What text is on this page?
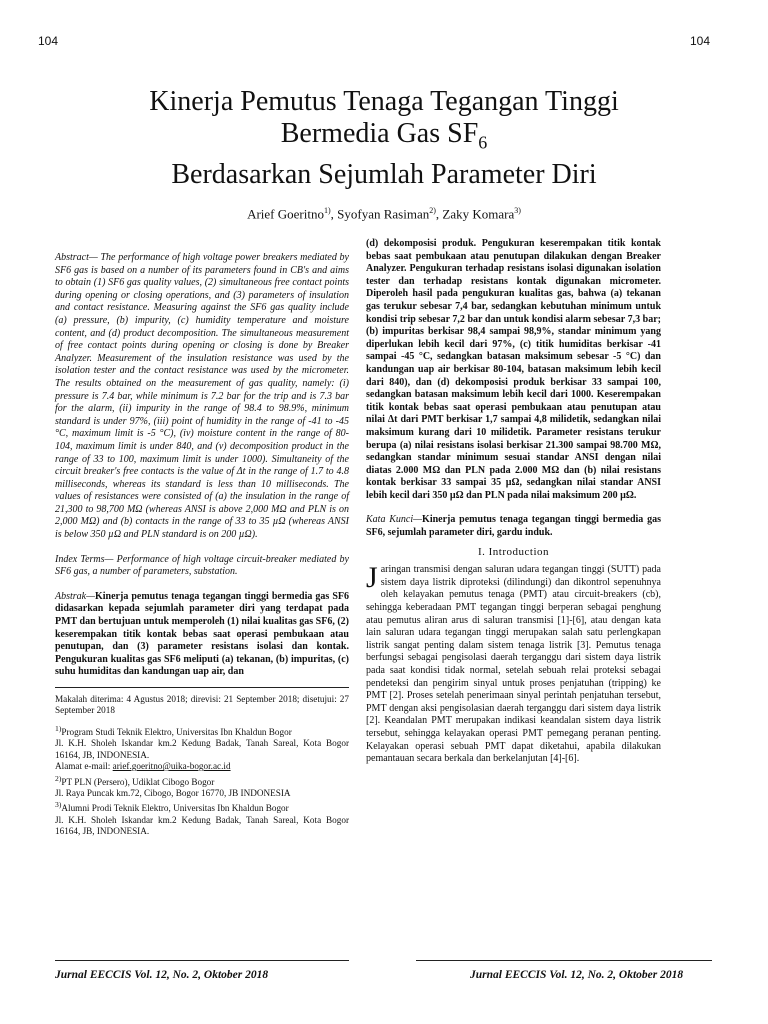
104	104
Kinerja Pemutus Tenaga Tegangan Tinggi
Bermedia Gas $SF_6$
Berdasarkan Sejumlah Parameter Diri
Arief Goeritno$^{1)}$, Syofyan Rasiman$^{2)}$, Zaky Komara$^{3)}$

Abstract— The performance of high voltage power breakers mediated by SF6 gas is based on a number of its parameters found in CB's and aims to obtain (1) SF6 gas quality values, (2) simultaneous free contact points during opening or closing operations, and (3) parameters of insulation and contact resistance. Measuring against the SF6 gas quality include (a) pressure, (b) impurity, (c) humidity temperature and moisture content, and (d) product decomposition. The simultaneous measurement of free contact points during opening or closing is done by Breaker Analyzer. Measurement of the insulation resistance was used by the isolation tester and the contact resistance was used by the micrometer. The results obtained on the measurement of gas quality, namely: (i) pressure is 7.4 bar, while minimum is 7.2 bar for the trip and is 7.3 bar for the alarm, (ii) impurity in the range of 98.4 to 98.9%, minimum standard is under 97%, (iii) point of humidity in the range of -41 to -45 °C, maximum limit is -5 °C), (iv) moisture content in the range of 80-104, maximum limit is under 840, and (v) decomposition product in the range of 33 to 100, maximum limit is under 1000). Simultaneity of the circuit breaker's free contacts is the value of Δt in the range of 1.7 to 4.8 milliseconds, whereas its standard is less than 10 milliseconds. The values of resistances were consisted of (a) the insulation in the range of 21,300 to 98,700 MΩ (whereas ANSI is above 2,000 MΩ and PLN is on 2,000 MΩ) and (b) contacts in the range of 33 to 35 µΩ (whereas ANSI is below 350 µΩ and PLN standard is on 200 µΩ).

Index Terms— Performance of high voltage circuit-breaker mediated by SF6 gas, a number of parameters, substation.

Abstrak—Kinerja pemutus tenaga tegangan tinggi bermedia gas SF6 didasarkan kepada sejumlah parameter diri yang terdapat pada PMT dan bertujuan untuk memperoleh (1) nilai kualitas gas SF6, (2) keserempakan titik kontak bebas saat operasi pembukaan atau penutupan, dan (3) parameter resistans isolasi dan kontak. Pengukuran kualitas gas SF6 meliputi (a) tekanan, (b) impuritas, (c) suhu humiditas dan kandungan uap air, dan

Makalah diterima: 4 Agustus 2018; direvisi: 21 September 2018; disetujui: 27 September 2018

$^{1)}$Program Studi Teknik Elektro, Universitas Ibn Khaldun Bogor
Jl. K.H. Sholeh Iskandar km.2 Kedung Badak, Tanah Sareal, Kota Bogor 16164, JB, INDONESIA.
Alamat e-mail: arief.goeritno@uika-bogor.ac.id
$^{2)}$PT PLN (Persero), Udiklat Cibogo Bogor
Jl. Raya Puncak km.72, Cibogo, Bogor 16770, JB INDONESIA
$^{3)}$Alumni Prodi Teknik Elektro, Universitas Ibn Khaldun Bogor
Jl. K.H. Sholeh Iskandar km.2 Kedung Badak, Tanah Sareal, Kota Bogor 16164, JB, INDONESIA.

(d) dekomposisi produk. Pengukuran keserempakan titik kontak bebas saat pembukaan atau penutupan dilakukan dengan Breaker Analyzer. Pengukuran terhadap resistans isolasi digunakan isolation tester dan terhadap resistans kontak digunakan micrometer. Diperoleh hasil pada pengukuran kualitas gas, bahwa (a) tekanan gas terukur sebesar 7,4 bar, sedangkan kebutuhan minimum untuk kondisi trip sebesar 7,2 bar dan untuk kondisi alarm sebesar 7,3 bar; (b) impuritas berkisar 98,4 sampai 98,9%, standar minimum yang diperlukan lebih kecil dari 97%, (c) titik humiditas berkisar -41 sampai -45 °C, sedangkan batasan maksimum sebesar -5 °C) dan kandungan uap air berkisar 80-104, batasan maksimum lebih kecil dari 840), dan (d) dekomposisi produk berkisar 33 sampai 100, sedangkan batasan maksimum lebih kecil dari 1000. Keserempakan titik kontak bebas saat operasi pembukaan atau penutupan atau nilai Δt dari PMT berkisar 1,7 sampai 4,8 milidetik, sedangkan nilai maksimum kurang dari 10 milidetik. Parameter resistans terukur berupa (a) nilai resistans isolasi berkisar 21.300 sampai 98.700 MΩ, sedangkan standar minimum sesuai standar ANSI dengan nilai diatas 2.000 MΩ dan PLN pada 2.000 MΩ dan (b) nilai resistans kontak berkisar 33 sampai 35 µΩ, sedangkan nilai standar ANSI lebih kecil dari 350 µΩ dan PLN pada nilai maksimum 200 µΩ.

Kata Kunci—Kinerja pemutus tenaga tegangan tinggi bermedia gas SF6, sejumlah parameter diri, gardu induk.

I. Introduction

Jaringan transmisi dengan saluran udara tegangan tinggi (SUTT) pada sistem daya listrik diproteksi (dilindungi) dan dikontrol sepenuhnya oleh kelayakan pemutus tenaga (PMT) atau circuit-breakers (cb), sehingga keberadaan PMT tegangan tinggi berperan sebagai penghung atau pemutus aliran arus di saluran transmisi [1]-[6], atau dengan kata lain saluran udara tegangan tinggi merupakan salah satu perlengkapan listrik sangat penting dalam sistem tenaga listrik [3]. Pemutus tenaga berfungsi sebagai pengisolasi daerah terganggu dari sistem daya listrik pada saat kondisi tidak normal, setelah sebuah relai proteksi sebagai pendeteksi dan pengirim sinyal untuk proses penjatuhan (tripping) ke PMT [2]. Proses setelah penerimaan sinyal perintah penjatuhan tersebut, PMT dengan aksi pengisolasian daerah terganggu dari sistem daya listrik [2]. Keandalan PMT merupakan indikasi keandalan sistem daya listrik tersebut, sehingga kelayakan operasi PMT pemegang peranan penting. Kelayakan operasi sebuah PMT dapat diketahui, apabila dilakukan pemantauan secara berkala dan berkelanjutan [4]-[6].

Jurnal EECCIS Vol. 12, No. 2, Oktober 2018	Jurnal EECCIS Vol. 12, No. 2, Oktober 2018
